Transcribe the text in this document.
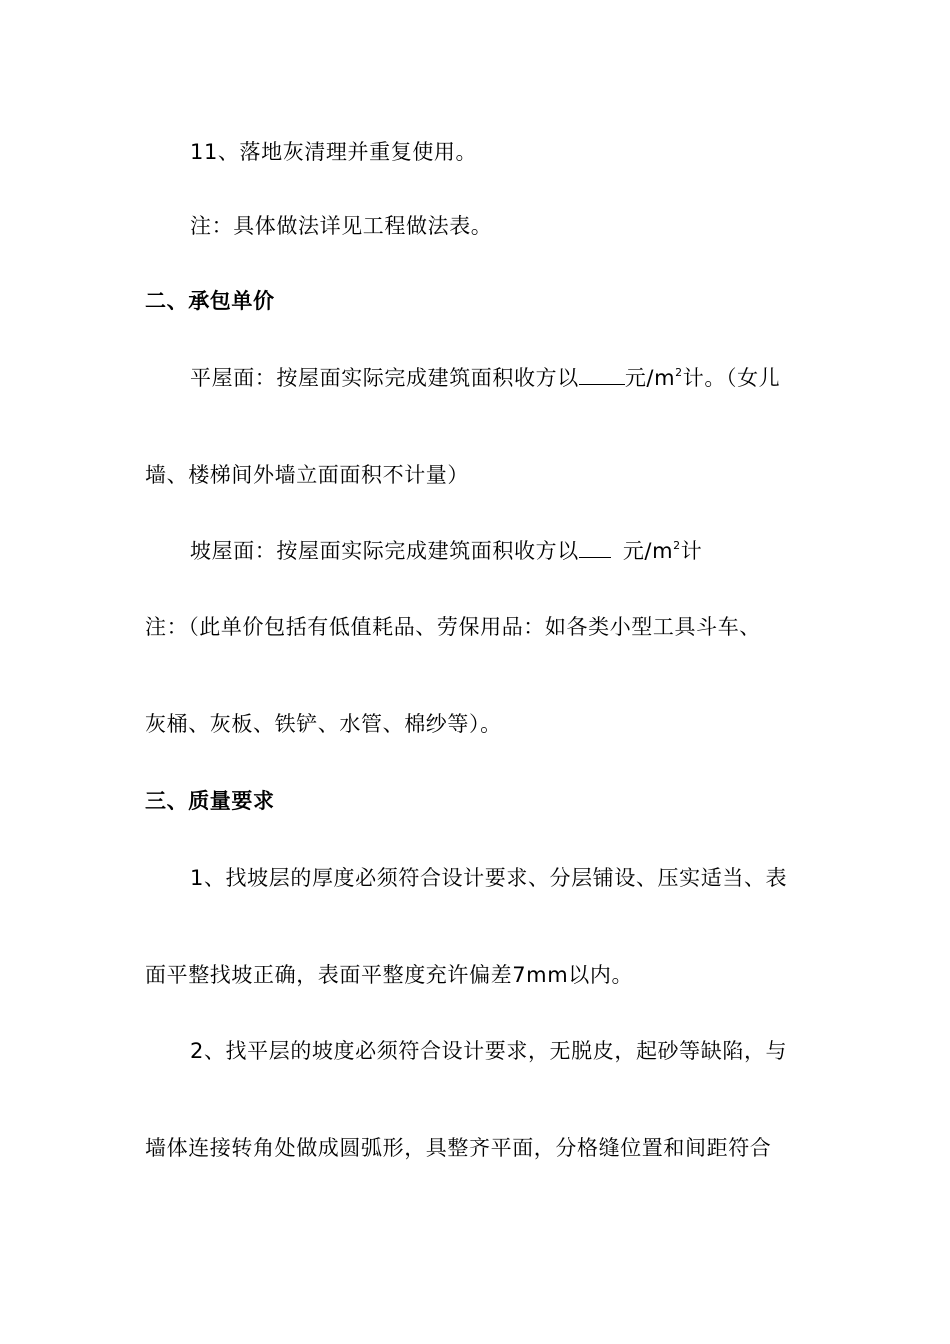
11、落地灰清理并重复使用。
注：具体做法详见工程做法表。
二、承包单价
平屋面：按屋面实际完成建筑面积收方以 元$/m^2$计。（女儿
墙、楼梯间外墙立面面积不计量）
坡屋面：按屋面实际完成建筑面积收方以 元$/m^2$计
注：（此单价包括有低值耗品、劳保用品：如各类小型工具斗车、
灰桶、灰板、铁铲、水管、棉纱等）。
三、质量要求
1、找坡层的厚度必须符合设计要求、分层铺设、压实适当、表
面平整找坡正确，表面平整度充许偏差7mm以内。
2、找平层的坡度必须符合设计要求，无脱皮，起砂等缺陷，与
墙体连接转角处做成圆弧形，具整齐平面，分格缝位置和间距符合
